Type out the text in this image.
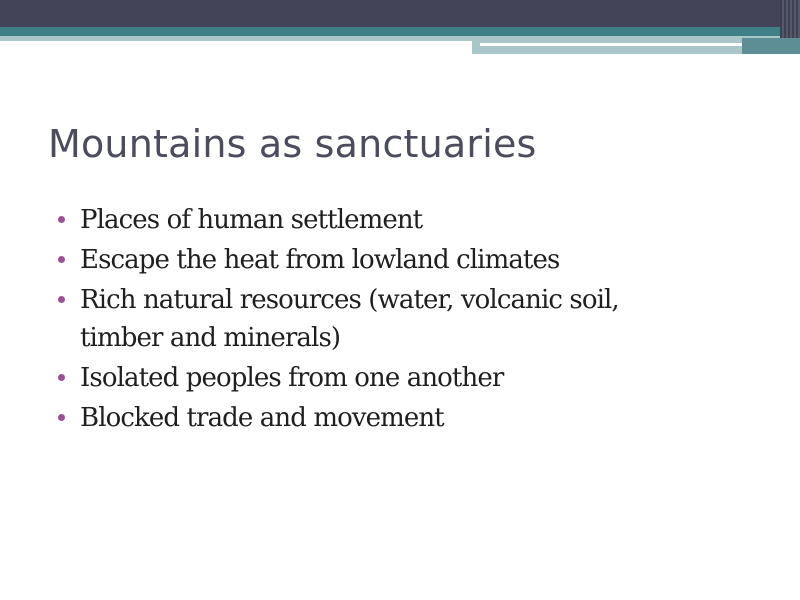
Mountains as sanctuaries
Places of human settlement
Escape the heat from lowland climates
Rich natural resources (water, volcanic soil, timber and minerals)
Isolated peoples from one another
Blocked trade and movement
